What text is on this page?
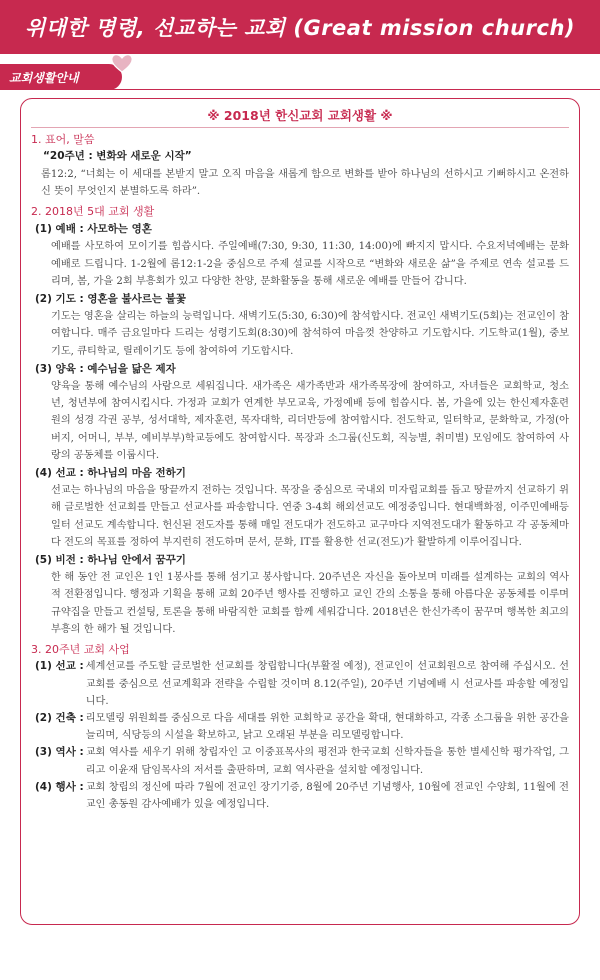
위대한 명령, 선교하는 교회 (Great mission church)
교회생활안내
※ 2018년 한신교회 교회생활 ※
1. 표어, 말씀
“20주년 : 변화와 새로운 시작”
롬12:2, “너희는 이 세대를 본받지 말고 오직 마음을 새롭게 함으로 변화를 받아 하나님의 선하시고 기뻐하시고 온전하신 뜻이 무엇인지 분별하도록 하라”.
2. 2018년 5대 교회 생활
(1) 예배 : 사모하는 영혼
예배를 사모하여 모이기를 힘씁시다. 주일예배(7:30, 9:30, 11:30, 14:00)에 빠지지 맙시다. 수요저녁예배는 문화예배로 드립니다. 1-2월에 롬12:1-2을 중심으로 주제 설교를 시작으로 “변화와 새로운 삶”을 주제로 연속 설교를 드리며, 봄, 가을 2회 부흥회가 있고 다양한 찬양, 문화활동을 통해 새로운 예배를 만들어 갑니다.
(2) 기도 : 영혼을 불사르는 불꽃
기도는 영혼을 살리는 하늘의 능력입니다. 새벽기도(5:30, 6:30)에 참석합시다. 전교인 새벽기도(5회)는 전교인이 참여합니다. 매주 금요일마다 드리는 성령기도회(8:30)에 참석하여 마음껏 찬양하고 기도합시다. 기도학교(1월), 중보기도, 큐티학교, 릴레이기도 등에 참여하여 기도합시다.
(3) 양육 : 예수님을 닮은 제자
양육을 통해 예수님의 사람으로 세워집니다. 새가족은 새가족반과 새가족목장에 참여하고, 자녀들은 교회학교, 청소년, 청년부에 참여시킵시다. 가정과 교회가 연계한 부모교육, 가정예배 등에 힘씁시다. 봄, 가을에 있는 한신제자훈련원의 성경 각권 공부, 성서대학, 제자훈련, 목자대학, 리더반등에 참여합시다. 전도학교, 일터학교, 문화학교, 가정(아버지, 어머니, 부부, 예비부부)학교등에도 참여합시다. 목장과 소그룹(신도회, 직능별, 취미별) 모임에도 참여하여 사랑의 공동체를 이룹시다.
(4) 선교 : 하나님의 마음 전하기
선교는 하나님의 마음을 땅끝까지 전하는 것입니다. 목장을 중심으로 국내외 미자립교회를 돕고 땅끝까지 선교하기 위해 글로벌한 선교회를 만들고 선교사를 파송합니다. 연중 3-4회 해외선교도 예정중입니다. 현대백화점, 이주민예배등 일터 선교도 계속합니다. 헌신된 전도자를 통해 매일 전도대가 전도하고 교구마다 지역전도대가 활동하고 각 공동체마다 전도의 목표를 정하여 부지런히 전도하며 문서, 문화, IT를 활용한 선교(전도)가 활발하게 이루어집니다.
(5) 비전 : 하나님 안에서 꿈꾸기
한 해 동안 전 교인은 1인 1봉사를 통해 섬기고 봉사합니다. 20주년은 자신을 돌아보며 미래를 설계하는 교회의 역사적 전환점입니다. 행정과 기획을 통해 교회 20주년 행사를 진행하고 교인 간의 소통을 통해 아름다운 공동체를 이루며 규약집을 만들고 컨설팅, 토론을 통해 바람직한 교회를 함께 세워갑니다. 2018년은 한신가족이 꿈꾸며 행복한 최고의 부흥의 한 해가 될 것입니다.
3. 20주년 교회 사업
(1) 선교 : 세계선교를 주도할 글로벌한 선교회를 창립합니다(부활절 예정), 전교인이 선교회원으로 참여해 주십시오. 선교회를 중심으로 선교계획과 전략을 수립할 것이며 8.12(주일), 20주년 기념예배 시 선교사를 파송할 예정입니다.
(2) 건축 : 리모델링 위원회를 중심으로 다음 세대를 위한 교회학교 공간을 확대, 현대화하고, 각종 소그룹을 위한 공간을 늘리며, 식당등의 시설을 확보하고, 낡고 오래된 부분을 리모델링합니다.
(3) 역사 : 교회 역사를 세우기 위해 창립자인 고 이중표목사의 평전과 한국교회 신학자들을 통한 별세신학 평가작업, 그리고 이윤재 담임목사의 저서를 출판하며, 교회 역사관을 설치할 예정입니다.
(4) 행사 : 교회 창립의 정신에 따라 7월에 전교인 장기기증, 8월에 20주년 기념행사, 10월에 전교인 수양회, 11월에 전교인 총동원 감사예배가 있을 예정입니다.
